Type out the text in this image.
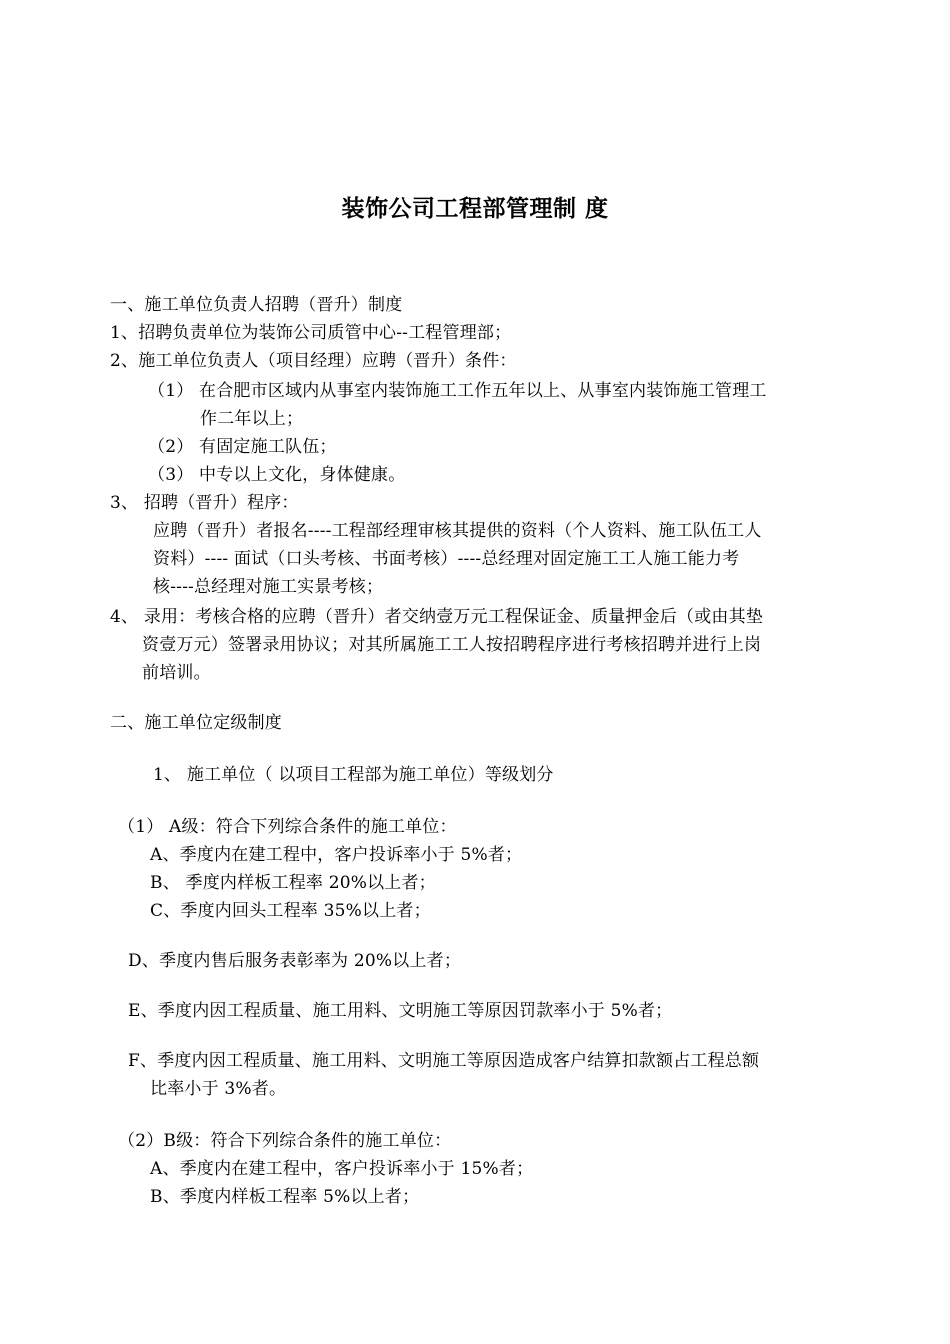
装饰公司工程部管理制 度
一、施工单位负责人招聘（晋升）制度
1、招聘负责单位为装饰公司质管中心--工程管理部；
2、施工单位负责人（项目经理）应聘（晋升）条件：
（1） 在合肥市区域内从事室内装饰施工工作五年以上、从事室内装饰施工管理工
作二年以上；
（2） 有固定施工队伍；
（3） 中专以上文化，身体健康。
3、 招聘（晋升）程序：
应聘（晋升）者报名----工程部经理审核其提供的资料（个人资料、施工队伍工人
资料）---- 面试（口头考核、书面考核）----总经理对固定施工工人施工能力考
核----总经理对施工实景考核；
4、 录用：考核合格的应聘（晋升）者交纳壹万元工程保证金、质量押金后（或由其垫
资壹万元）签署录用协议；对其所属施工工人按招聘程序进行考核招聘并进行上岗
前培训。
二、施工单位定级制度
1、 施工单位（ 以项目工程部为施工单位）等级划分
（1） A级：符合下列综合条件的施工单位：
A、季度内在建工程中，客户投诉率小于 5%者；
B、 季度内样板工程率 20%以上者；
C、季度内回头工程率 35%以上者；
D、季度内售后服务表彰率为 20%以上者；
E、季度内因工程质量、施工用料、文明施工等原因罚款率小于 5%者；
F、季度内因工程质量、施工用料、文明施工等原因造成客户结算扣款额占工程总额
比率小于 3%者。
（2）B级：符合下列综合条件的施工单位：
A、季度内在建工程中，客户投诉率小于 15%者；
B、季度内样板工程率 5%以上者；
